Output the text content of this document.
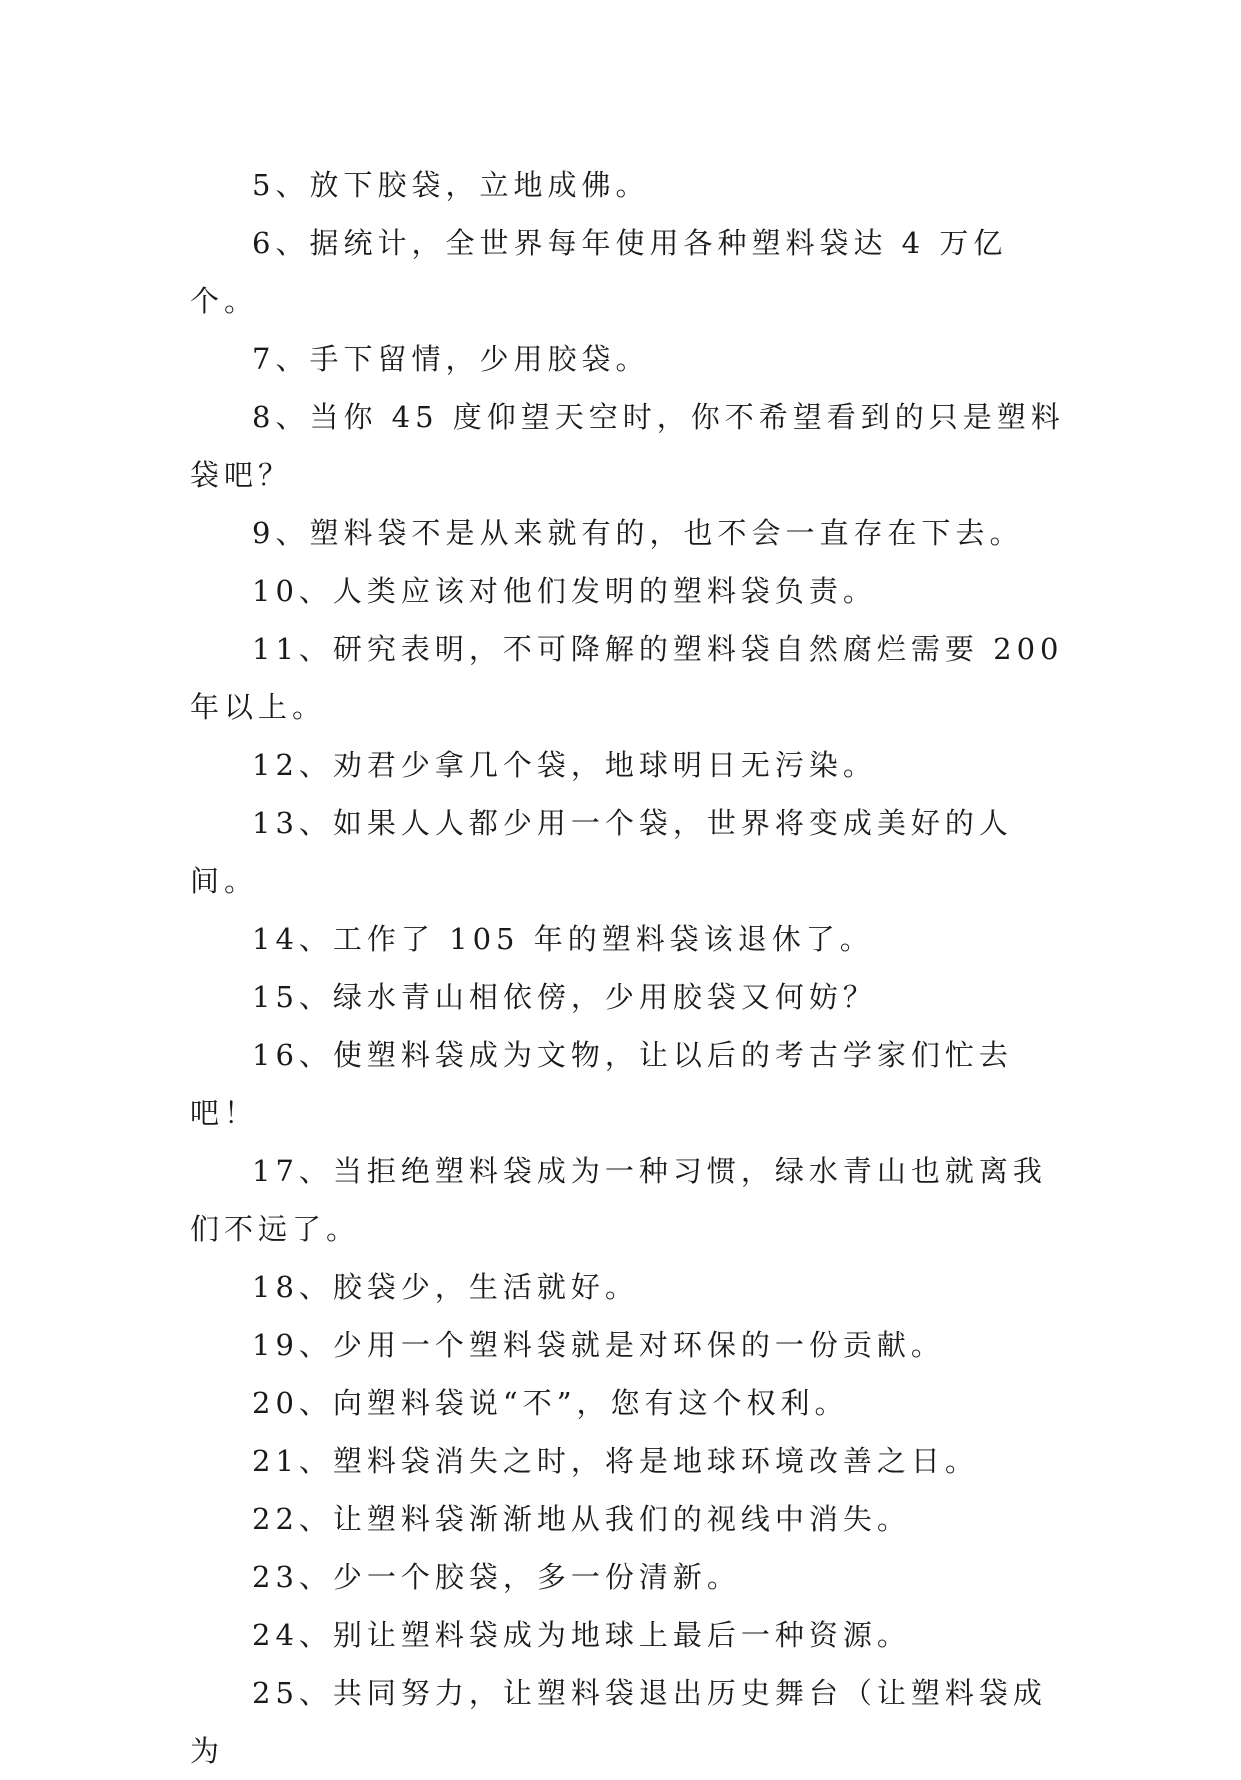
5、放下胶袋，立地成佛。

6、据统计，全世界每年使用各种塑料袋达 4 万亿个。

7、手下留情，少用胶袋。

8、当你 45 度仰望天空时，你不希望看到的只是塑料袋吧？

9、塑料袋不是从来就有的，也不会一直存在下去。

10、人类应该对他们发明的塑料袋负责。

11、研究表明，不可降解的塑料袋自然腐烂需要 200 年以上。

12、劝君少拿几个袋，地球明日无污染。

13、如果人人都少用一个袋，世界将变成美好的人间。

14、工作了 105 年的塑料袋该退休了。

15、绿水青山相依傍，少用胶袋又何妨？

16、使塑料袋成为文物，让以后的考古学家们忙去吧！

17、当拒绝塑料袋成为一种习惯，绿水青山也就离我们不远了。

18、胶袋少，生活就好。

19、少用一个塑料袋就是对环保的一份贡献。

20、向塑料袋说“不”，您有这个权利。

21、塑料袋消失之时，将是地球环境改善之日。

22、让塑料袋渐渐地从我们的视线中消失。

23、少一个胶袋，多一份清新。

24、别让塑料袋成为地球上最后一种资源。

25、共同努力，让塑料袋退出历史舞台（让塑料袋成为
